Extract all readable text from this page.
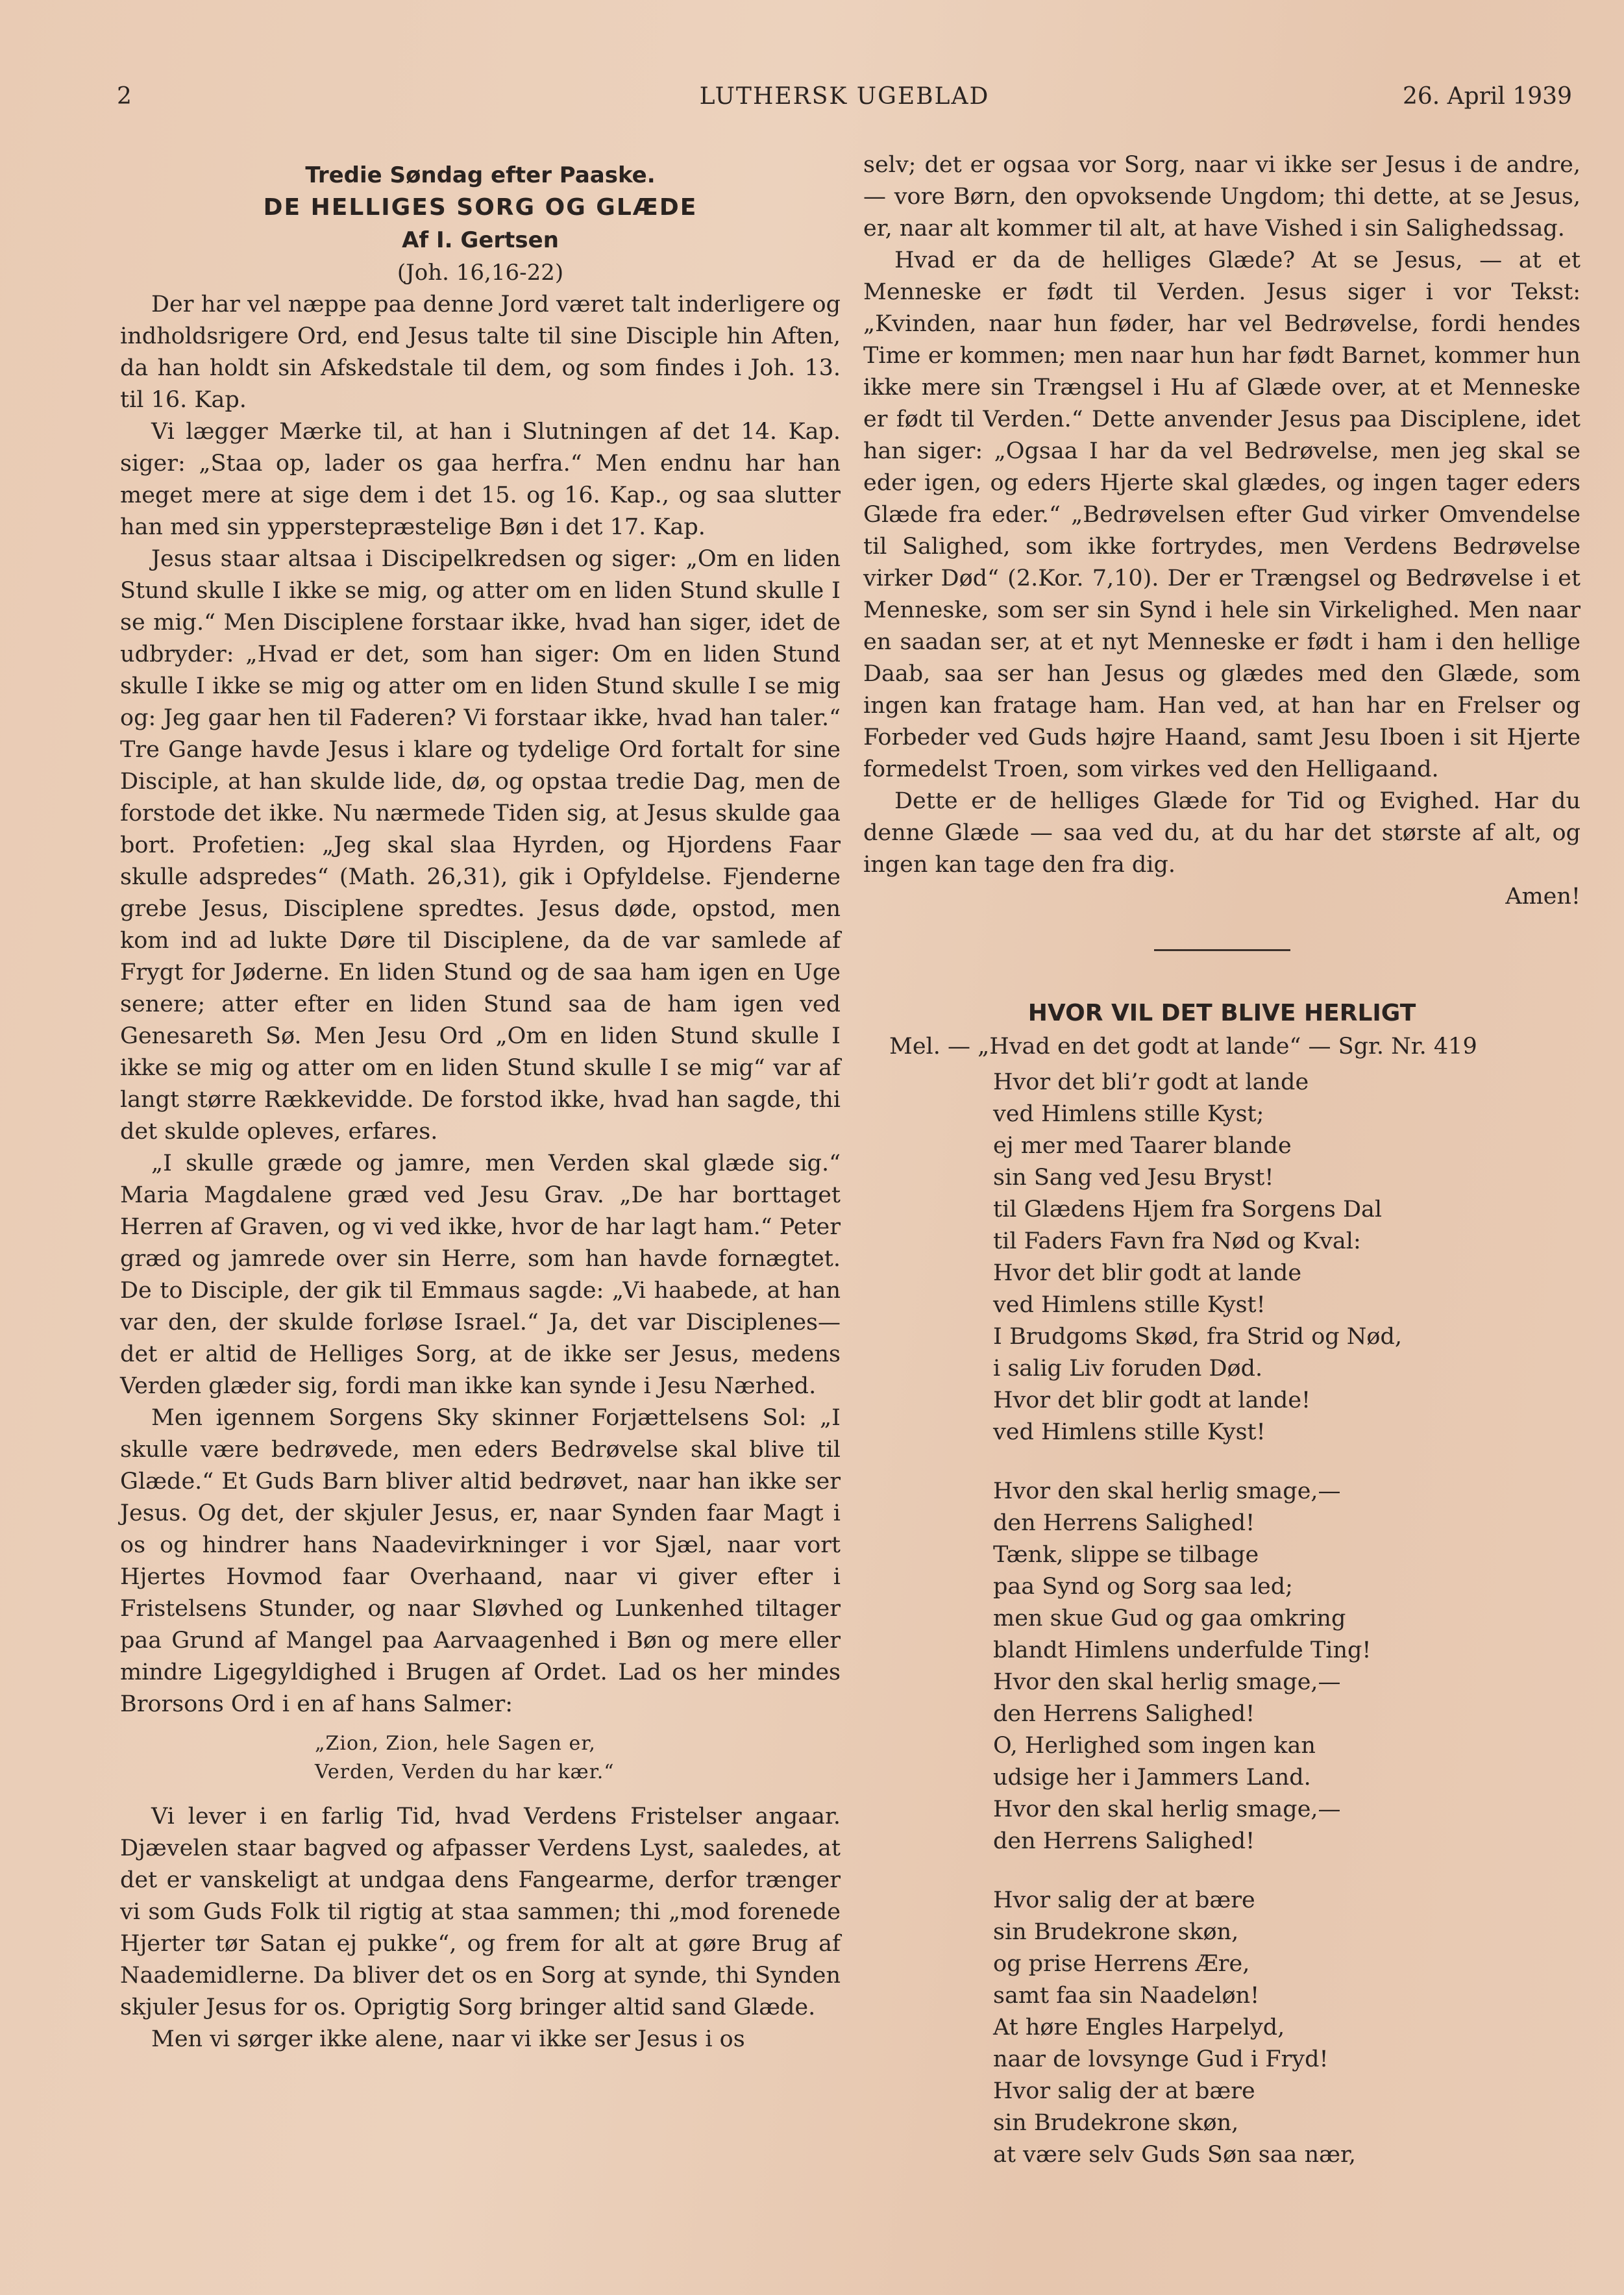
2	LUTHERSK UGEBLAD	26. April 1939
Tredie Søndag efter Paaske.
DE HELLIGES SORG OG GLÆDE
Af I. Gertsen
(Joh. 16,16-22)

Der har vel næppe paa denne Jord været talt inderligere og indholdsrigere Ord, end Jesus talte til sine Disciple hin Aften, da han holdt sin Afskedstale til dem, og som findes i Joh. 13. til 16. Kap.

Vi lægger Mærke til, at han i Slutningen af det 14. Kap. siger: „Staa op, lader os gaa herfra.“ Men endnu har han meget mere at sige dem i det 15. og 16. Kap., og saa slutter han med sin ypperstepræstelige Bøn i det 17. Kap.

Jesus staar altsaa i Discipelkredsen og siger: „Om en liden Stund skulle I ikke se mig, og atter om en liden Stund skulle I se mig.“ Men Disciplene forstaar ikke, hvad han siger, idet de udbryder: „Hvad er det, som han siger: Om en liden Stund skulle I ikke se mig og atter om en liden Stund skulle I se mig og: Jeg gaar hen til Faderen? Vi forstaar ikke, hvad han taler.“ Tre Gange havde Jesus i klare og tydelige Ord fortalt for sine Disciple, at han skulde lide, dø, og opstaa tredie Dag, men de forstode det ikke. Nu nærmede Tiden sig, at Jesus skulde gaa bort. Profetien: „Jeg skal slaa Hyrden, og Hjordens Faar skulle adspredes“ (Math. 26,31), gik i Opfyldelse. Fjenderne grebe Jesus, Disciplene spredtes. Jesus døde, opstod, men kom ind ad lukte Døre til Disciplene, da de var samlede af Frygt for Jøderne. En liden Stund og de saa ham igen en Uge senere; atter efter en liden Stund saa de ham igen ved Genesareth Sø. Men Jesu Ord „Om en liden Stund skulle I ikke se mig og atter om en liden Stund skulle I se mig“ var af langt større Rækkevidde. De forstod ikke, hvad han sagde, thi det skulde opleves, erfares.

„I skulle græde og jamre, men Verden skal glæde sig.“ Maria Magdalene græd ved Jesu Grav. „De har borttaget Herren af Graven, og vi ved ikke, hvor de har lagt ham.“ Peter græd og jamrede over sin Herre, som han havde fornægtet. De to Disciple, der gik til Emmaus sagde: „Vi haabede, at han var den, der skulde forløse Israel.“ Ja, det var Disciplenes—det er altid de Helliges Sorg, at de ikke ser Jesus, medens Verden glæder sig, fordi man ikke kan synde i Jesu Nærhed.

Men igennem Sorgens Sky skinner Forjættelsens Sol: „I skulle være bedrøvede, men eders Bedrøvelse skal blive til Glæde.“ Et Guds Barn bliver altid bedrøvet, naar han ikke ser Jesus. Og det, der skjuler Jesus, er, naar Synden faar Magt i os og hindrer hans Naadevirkninger i vor Sjæl, naar vort Hjertes Hovmod faar Overhaand, naar vi giver efter i Fristelsens Stunder, og naar Sløvhed og Lunkenhed tiltager paa Grund af Mangel paa Aarvaagenhed i Bøn og mere eller mindre Ligegyldighed i Brugen af Ordet. Lad os her mindes Brorsons Ord i en af hans Salmer:

„Zion, Zion, hele Sagen er,
Verden, Verden du har kær.“

Vi lever i en farlig Tid, hvad Verdens Fristelser angaar. Djævelen staar bagved og afpasser Verdens Lyst, saaledes, at det er vanskeligt at undgaa dens Fangearme, derfor trænger vi som Guds Folk til rigtig at staa sammen; thi „mod forenede Hjerter tør Satan ej pukke“, og frem for alt at gøre Brug af Naademidlerne. Da bliver det os en Sorg at synde, thi Synden skjuler Jesus for os. Oprigtig Sorg bringer altid sand Glæde.

Men vi sørger ikke alene, naar vi ikke ser Jesus i os

selv; det er ogsaa vor Sorg, naar vi ikke ser Jesus i de andre, — vore Børn, den opvoksende Ungdom; thi dette, at se Jesus, er, naar alt kommer til alt, at have Vished i sin Salighedssag.

Hvad er da de helliges Glæde? At se Jesus, — at et Menneske er født til Verden. Jesus siger i vor Tekst: „Kvinden, naar hun føder, har vel Bedrøvelse, fordi hendes Time er kommen; men naar hun har født Barnet, kommer hun ikke mere sin Trængsel i Hu af Glæde over, at et Menneske er født til Verden.“ Dette anvender Jesus paa Disciplene, idet han siger: „Ogsaa I har da vel Bedrøvelse, men jeg skal se eder igen, og eders Hjerte skal glædes, og ingen tager eders Glæde fra eder.“ „Bedrøvelsen efter Gud virker Omvendelse til Salighed, som ikke fortrydes, men Verdens Bedrøvelse virker Død“ (2.Kor. 7,10). Der er Trængsel og Bedrøvelse i et Menneske, som ser sin Synd i hele sin Virkelighed. Men naar en saadan ser, at et nyt Menneske er født i ham i den hellige Daab, saa ser han Jesus og glædes med den Glæde, som ingen kan fratage ham. Han ved, at han har en Frelser og Forbeder ved Guds højre Haand, samt Jesu Iboen i sit Hjerte formedelst Troen, som virkes ved den Helligaand.

Dette er de helliges Glæde for Tid og Evighed. Har du denne Glæde — saa ved du, at du har det største af alt, og ingen kan tage den fra dig.

Amen!

HVOR VIL DET BLIVE HERLIGT
Mel. — „Hvad en det godt at lande“ — Sgr. Nr. 419
Hvor det bli’r godt at lande
ved Himlens stille Kyst;
ej mer med Taarer blande
sin Sang ved Jesu Bryst!
til Glædens Hjem fra Sorgens Dal
til Faders Favn fra Nød og Kval:
Hvor det blir godt at lande
ved Himlens stille Kyst!
I Brudgoms Skød, fra Strid og Nød,
i salig Liv foruden Død.
Hvor det blir godt at lande!
ved Himlens stille Kyst!
Hvor den skal herlig smage,—
den Herrens Salighed!
Tænk, slippe se tilbage
paa Synd og Sorg saa led;
men skue Gud og gaa omkring
blandt Himlens underfulde Ting!
Hvor den skal herlig smage,—
den Herrens Salighed!
O, Herlighed som ingen kan
udsige her i Jammers Land.
Hvor den skal herlig smage,—
den Herrens Salighed!
Hvor salig der at bære
sin Brudekrone skøn,
og prise Herrens Ære,
samt faa sin Naadeløn!
At høre Engles Harpelyd,
naar de lovsynge Gud i Fryd!
Hvor salig der at bære
sin Brudekrone skøn,
at være selv Guds Søn saa nær,
